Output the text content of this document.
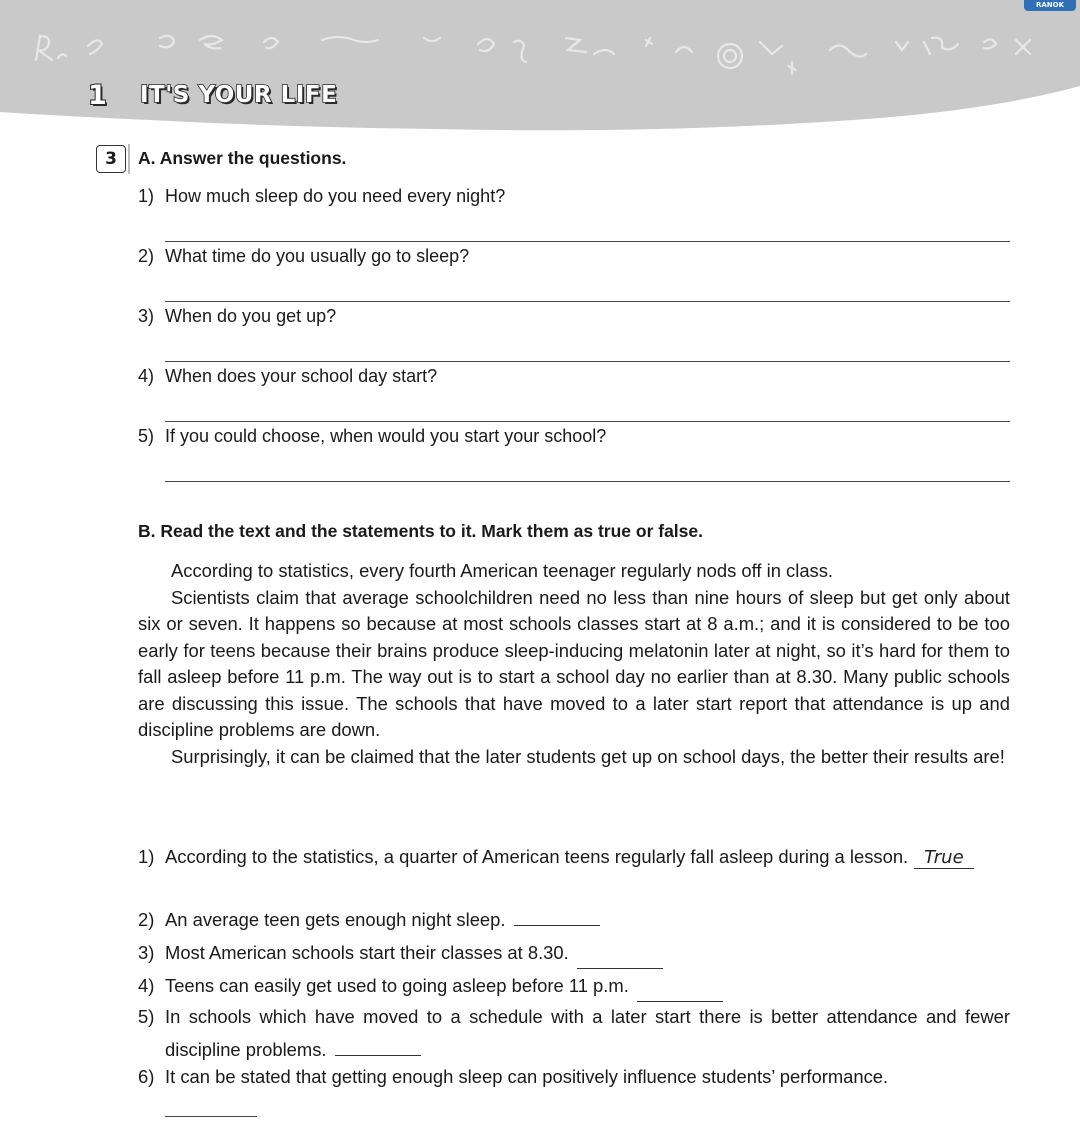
RANOK
1 IT'S YOUR LIFE
3	A. Answer the questions.
1) How much sleep do you need every night?
2) What time do you usually go to sleep?
3) When do you get up?
4) When does your school day start?
5) If you could choose, when would you start your school?
B. Read the text and the statements to it. Mark them as true or false.

According to statistics, every fourth American teenager regularly nods off in class.

Scientists claim that average schoolchildren need no less than nine hours of sleep but get only about six or seven. It happens so because at most schools classes start at 8 a.m.; and it is considered to be too early for teens because their brains produce sleep-inducing melatonin later at night, so it’s hard for them to fall asleep before 11 p.m. The way out is to start a school day no earlier than at 8.30. Many public schools are discussing this issue. The schools that have moved to a later start report that attendance is up and discipline problems are down.

Surprisingly, it can be claimed that the later students get up on school days, the better their results are!

1) According to the statistics, a quarter of American teens regularly fall asleep during a lesson. True
2) An average teen gets enough night sleep.
3) Most American schools start their classes at 8.30.
4) Teens can easily get used to going asleep before 11 p.m.
5) In schools which have moved to a schedule with a later start there is better attendance and fewer discipline problems.
6) It can be stated that getting enough sleep can positively influence students’ performance.
